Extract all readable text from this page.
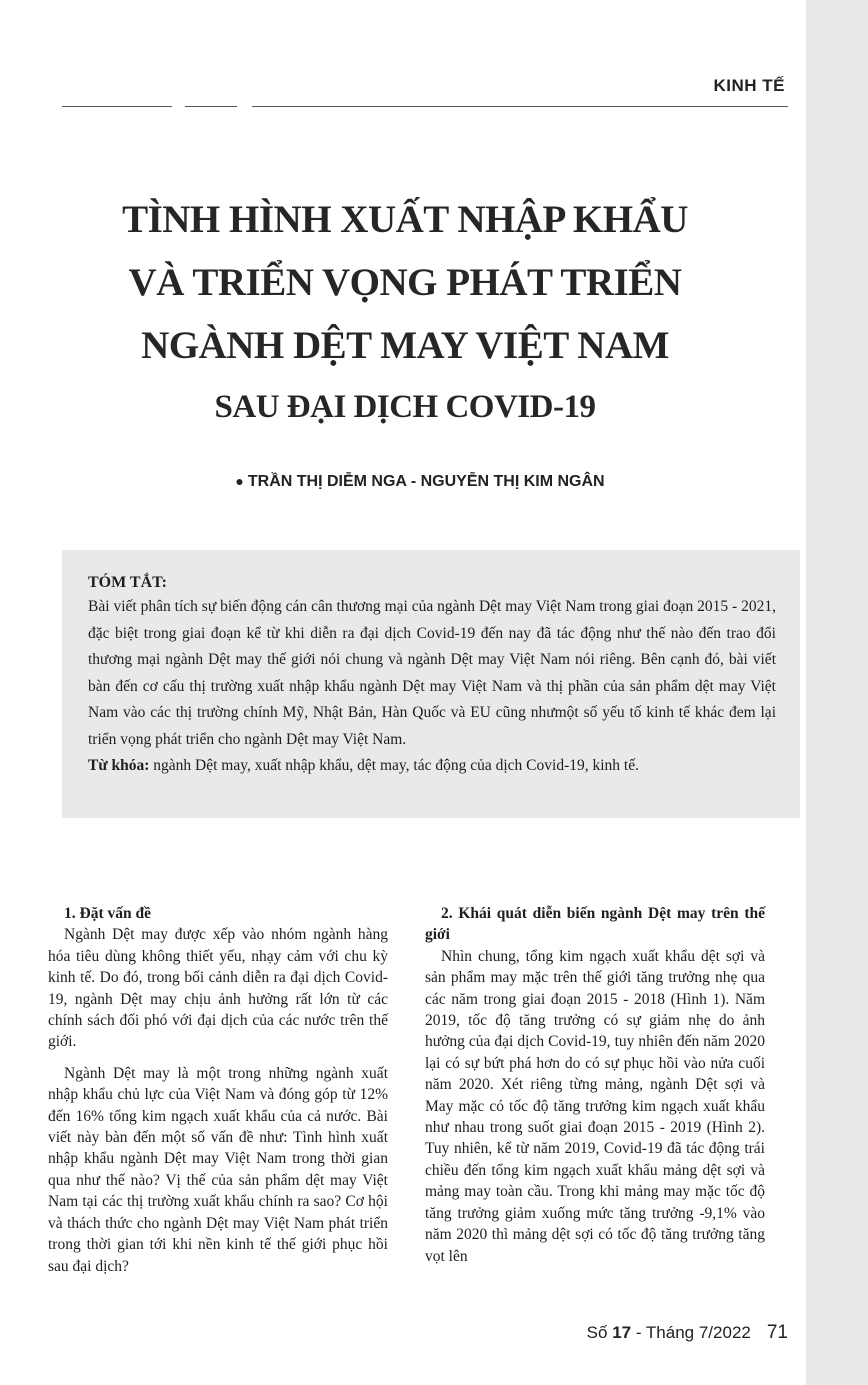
KINH TẾ
TÌNH HÌNH XUẤT NHẬP KHẨU
VÀ TRIỂN VỌNG PHÁT TRIỂN
NGÀNH DỆT MAY VIỆT NAM
SAU ĐẠI DỊCH COVID-19
● TRẦN THỊ DIỄM NGA - NGUYỄN THỊ KIM NGÂN

TÓM TẮT:

Bài viết phân tích sự biến động cán cân thương mại của ngành Dệt may Việt Nam trong giai đoạn 2015 - 2021, đặc biệt trong giai đoạn kể từ khi diễn ra đại dịch Covid-19 đến nay đã tác động như thế nào đến trao đổi thương mại ngành Dệt may thế giới nói chung và ngành Dệt may Việt Nam nói riêng. Bên cạnh đó, bài viết bàn đến cơ cấu thị trường xuất nhập khẩu ngành Dệt may Việt Nam và thị phần của sản phẩm dệt may Việt Nam vào các thị trường chính Mỹ, Nhật Bản, Hàn Quốc và EU cũng nhưmột số yếu tố kinh tế khác đem lại triển vọng phát triển cho ngành Dệt may Việt Nam.

Từ khóa: ngành Dệt may, xuất nhập khẩu, dệt may, tác động của dịch Covid-19, kinh tế.

1. Đặt vấn đề

Ngành Dệt may được xếp vào nhóm ngành hàng hóa tiêu dùng không thiết yếu, nhạy cảm với chu kỳ kinh tế. Do đó, trong bối cảnh diễn ra đại dịch Covid-19, ngành Dệt may chịu ảnh hưởng rất lớn từ các chính sách đối phó với đại dịch của các nước trên thế giới.

Ngành Dệt may là một trong những ngành xuất nhập khẩu chủ lực của Việt Nam và đóng góp từ 12% đến 16% tổng kim ngạch xuất khẩu của cả nước. Bài viết này bàn đến một số vấn đề như: Tình hình xuất nhập khẩu ngành Dệt may Việt Nam trong thời gian qua như thế nào? Vị thế của sản phẩm dệt may Việt Nam tại các thị trường xuất khẩu chính ra sao? Cơ hội và thách thức cho ngành Dệt may Việt Nam phát triển trong thời gian tới khi nền kinh tế thế giới phục hồi sau đại dịch?

2. Khái quát diễn biến ngành Dệt may trên thế giới

Nhìn chung, tổng kim ngạch xuất khẩu dệt sợi và sản phẩm may mặc trên thế giới tăng trưởng nhẹ qua các năm trong giai đoạn 2015 - 2018 (Hình 1). Năm 2019, tốc độ tăng trưởng có sự giảm nhẹ do ảnh hưởng của đại dịch Covid-19, tuy nhiên đến năm 2020 lại có sự bứt phá hơn do có sự phục hồi vào nửa cuối năm 2020. Xét riêng từng mảng, ngành Dệt sợi và May mặc có tốc độ tăng trưởng kim ngạch xuất khẩu như nhau trong suốt giai đoạn 2015 - 2019 (Hình 2). Tuy nhiên, kể từ năm 2019, Covid-19 đã tác động trái chiều đến tổng kim ngạch xuất khẩu mảng dệt sợi và mảng may toàn cầu. Trong khi mảng may mặc tốc độ tăng trưởng giảm xuống mức tăng trưởng -9,1% vào năm 2020 thì mảng dệt sợi có tốc độ tăng trưởng tăng vọt lên

Số 17 - Tháng 7/2022 71
